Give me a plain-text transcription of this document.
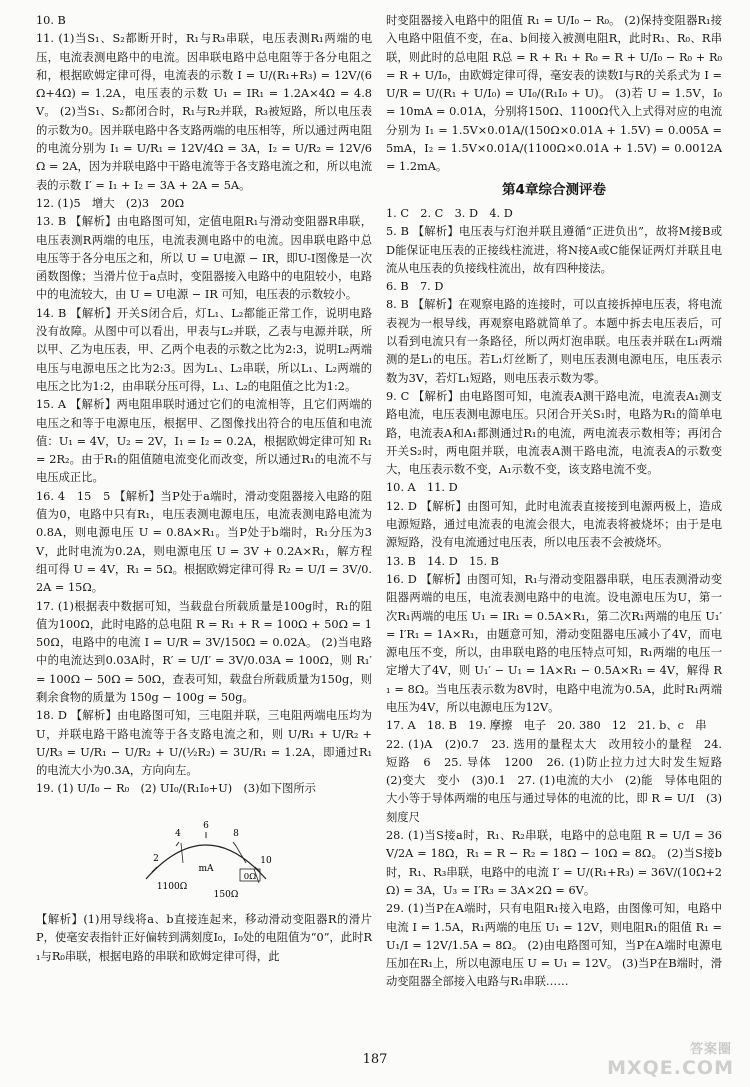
10. B

11. (1)当S₁、S₂都断开时，R₁与R₃串联，电压表测R₁两端的电压，电流表测电路中的电流。因串联电路中总电阻等于各分电阻之和，根据欧姆定律可得，电流表的示数 I = U/(R₁+R₃) = 12V/(6Ω+4Ω) = 1.2A，电压表的示数 U₁ = IR₁ = 1.2A×4Ω = 4.8V。 (2)当S₁、S₂都闭合时，R₁与R₂并联，R₃被短路，所以电压表的示数为0。因并联电路中各支路两端的电压相等，所以通过两电阻的电流分别为 I₁ = U/R₁ = 12V/4Ω = 3A，I₂ = U/R₂ = 12V/6Ω = 2A，因为并联电路中干路电流等于各支路电流之和，所以电流表的示数 I′ = I₁ + I₂ = 3A + 2A = 5A。

12. (1)5　增大　(2)3　20Ω

13. B 【解析】由电路图可知，定值电阻R₁与滑动变阻器R串联，电压表测R两端的电压，电流表测电路中的电流。因串联电路中总电压等于各分电压之和，所以 U = U电源 − IR，即U-I图像是一次函数图像；当滑片位于a点时，变阻器接入电路中的电阻较小，电路中的电流较大，由 U = U电源 − IR 可知，电压表的示数较小。

14. B 【解析】开关S闭合后，灯L₁、L₂都能正常工作，说明电路没有故障。从图中可以看出，甲表与L₂并联，乙表与电源并联，所以甲、乙为电压表，甲、乙两个电表的示数之比为2:3，说明L₂两端电压与电源电压之比为2:3。因为L₁、L₂串联，所以L₁、L₂两端的电压之比为1:2，由串联分压可得，L₁、L₂的电阻值之比为1:2。

15. A 【解析】两电阻串联时通过它们的电流相等，且它们两端的电压之和等于电源电压，根据甲、乙图像找出符合的电压值和电流值：U₁ = 4V，U₂ = 2V，I₁ = I₂ = 0.2A，根据欧姆定律可知 R₁ = 2R₂。由于R₁的阻值随电流变化而改变，所以通过R₁的电流不与电压成正比。

16. 4　15　5 【解析】当P处于a端时，滑动变阻器接入电路的阻值为0，电路中只有R₁，电压表测电源电压，电流表测电路电流为0.8A，则电源电压 U = 0.8A×R₁。当P处于b端时，R₁分压为3V，此时电流为0.2A，则电源电压 U = 3V + 0.2A×R₁，解方程组可得 U = 4V，R₁ = 5Ω。根据欧姆定律可得 R₂ = U/I = 3V/0.2A = 15Ω。

17. (1)根据表中数据可知，当载盘台所载质量是100g时，R₁的阻值为100Ω，此时电路的总电阻 R = R₁ + R = 100Ω + 50Ω = 150Ω，电路中的电流 I = U/R = 3V/150Ω = 0.02A。 (2)当电路中的电流达到0.03A时，R′ = U/I′ = 3V/0.03A = 100Ω，则 R₁′ = 100Ω − 50Ω = 50Ω，查表可知，载盘台所载质量为150g，则剩余食物的质量为 150g − 100g = 50g。

18. D 【解析】由电路图可知，三电阻并联，三电阻两端电压均为U，并联电路干路电流等于各支路电流之和，则 U/R₁ + U/R₂ + U/R₃ = U/R₁ − U/R₂ + U/(½R₂) = 3U/R₁ = 1.2A，即通过R₁的电流大小为0.3A，方向向左。

19. (1) U/I₀ − R₀　(2) UI₀/(R₁I₀+U)　(3)如下图所示

2
4
6
8
10
mA
1100Ω
150Ω
0Ω

【解析】(1)用导线将a、b直接连起来，移动滑动变阻器R的滑片P，使毫安表指针正好偏转到满刻度I₀，I₀处的电阻值为“0”，此时R₁与R₀串联，根据电路的串联和欧姆定律可得，此

时变阻器接入电路中的阻值 R₁ = U/I₀ − R₀。 (2)保持变阻器R₁接入电路中阻值不变，在a、b间接入被测电阻R，此时R₁、R₀、R串联，则此时的总电阻 R总 = R + R₁ + R₀ = R + U/I₀ − R₀ + R₀ = R + U/I₀，由欧姆定律可得，毫安表的读数I与R的关系式为 I = U/R = U/(R₁ + U/I₀) = UI₀/(R₁I₀ + U)。 (3)若 U = 1.5V，I₀ = 10mA = 0.01A，分别将150Ω、1100Ω代入上式得对应的电流分别为 I₁ = 1.5V×0.01A/(150Ω×0.01A + 1.5V) = 0.005A = 5mA，I₂ = 1.5V×0.01A/(1100Ω×0.01A + 1.5V) = 0.0012A = 1.2mA。

第4章综合测评卷

1. C　2. C　3. D　4. D

5. B 【解析】电压表与灯泡并联且遵循“正进负出”，故将M接B或D能保证电压表的正接线柱流进，将N接A或C能保证两灯并联且电流从电压表的负接线柱流出，故有四种接法。

6. B　7. D

8. B 【解析】在观察电路的连接时，可以直接拆掉电压表，将电流表视为一根导线，再观察电路就简单了。本题中拆去电压表后，可以看到电流只有一条路径，所以两灯泡串联。电压表并联在L₁两端测的是L₁的电压。若L₁灯丝断了，则电压表测电源电压，电压表示数为3V，若灯L₁短路，则电压表示数为零。

9. C 【解析】由电路图可知，电流表A测干路电流，电流表A₁测支路电流，电压表测电源电压。只闭合开关S₁时，电路为R₁的简单电路，电流表A和A₁都测通过R₁的电流，两电流表示数相等；再闭合开关S₂时，两电阻并联，电流表A测干路电流，电流表A的示数变大，电压表示数不变，A₁示数不变，该支路电流不变。

10. A　11. D

12. D 【解析】由图可知，此时电流表直接接到电源两极上，造成电源短路，通过电流表的电流会很大，电流表将被烧坏；由于是电源短路，没有电流通过电压表，所以电压表不会被烧坏。

13. B　14. D　15. B

16. D 【解析】由图可知，R₁与滑动变阻器串联，电压表测滑动变阻器两端的电压，电流表测电路中的电流。设电源电压为U，第一次R₁两端的电压 U₁ = IR₁ = 0.5A×R₁，第二次R₁两端的电压 U₁′ = I′R₁ = 1A×R₁，由题意可知，滑动变阻器电压减小了4V，而电源电压不变，所以，由串联电路的电压特点可知，R₁两端的电压一定增大了4V，则 U₁′ − U₁ = 1A×R₁ − 0.5A×R₁ = 4V，解得 R₁ = 8Ω。当电压表示数为8V时，电路中电流为0.5A，此时R₁两端电压为4V，所以电源电压为12V。

17. A　18. B　19. 摩擦　电子　20. 380　12　21. b、c　串

22. (1)A　(2)0.7　23. 选用的量程太大　改用较小的量程　24. 短路　6　25. 导体　1200　26. (1)防止拉力过大时发生短路　(2)变大　变小　(3)0.1　27. (1)电流的大小　(2)能　导体电阻的大小等于导体两端的电压与通过导体的电流的比，即 R = U/I　(3)刻度尺

28. (1)当S接a时，R₁、R₂串联，电路中的总电阻 R = U/I = 36V/2A = 18Ω，R₁ = R − R₂ = 18Ω − 10Ω = 8Ω。 (2)当S接b时，R₁、R₃串联，电路中的电流 I′ = U/(R₁+R₃) = 36V/(10Ω+2Ω) = 3A，U₃ = I′R₃ = 3A×2Ω = 6V。

29. (1)当P在A端时，只有电阻R₁接入电路，由图像可知，电路中电流 I = 1.5A，R₁两端的电压 U₁ = 12V，则电阻R₁的阻值 R₁ = U₁/I = 12V/1.5A = 8Ω。 (2)由电路图可知，当P在A端时电源电压加在R₁上，所以电源电压 U = U₁ = 12V。 (3)当P在B端时，滑动变阻器全部接入电路与R₁串联……

187
答案圈
MXQE.COM
